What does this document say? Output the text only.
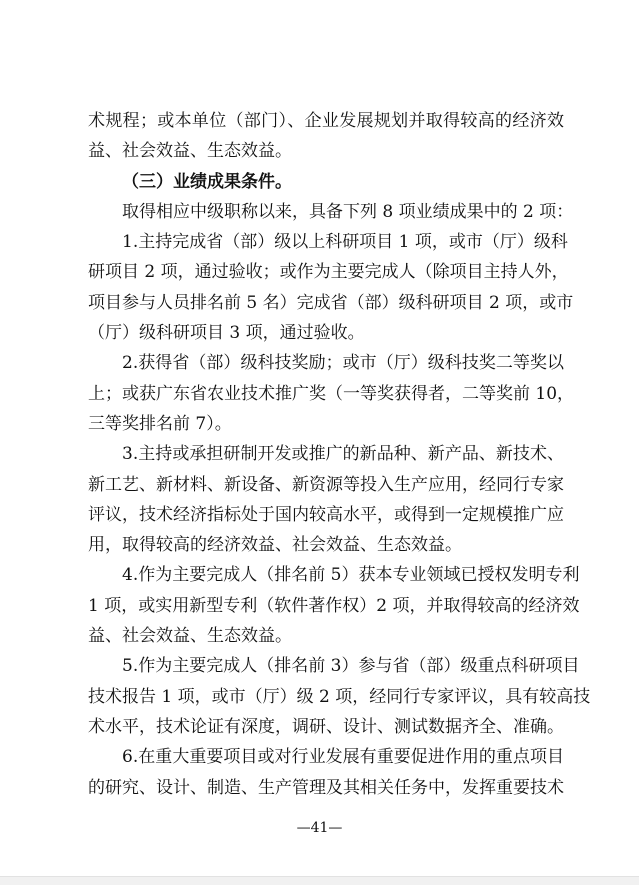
术规程；或本单位（部门）、企业发展规划并取得较高的经济效
益、社会效益、生态效益。
（三）业绩成果条件。
取得相应中级职称以来，具备下列 8 项业绩成果中的 2 项：
1.主持完成省（部）级以上科研项目 1 项，或市（厅）级科
研项目 2 项，通过验收；或作为主要完成人（除项目主持人外，
项目参与人员排名前 5 名）完成省（部）级科研项目 2 项，或市
（厅）级科研项目 3 项，通过验收。
2.获得省（部）级科技奖励；或市（厅）级科技奖二等奖以
上；或获广东省农业技术推广奖（一等奖获得者，二等奖前 10，
三等奖排名前 7）。
3.主持或承担研制开发或推广的新品种、新产品、新技术、
新工艺、新材料、新设备、新资源等投入生产应用，经同行专家
评议，技术经济指标处于国内较高水平，或得到一定规模推广应
用，取得较高的经济效益、社会效益、生态效益。
4.作为主要完成人（排名前 5）获本专业领域已授权发明专利
1 项，或实用新型专利（软件著作权）2 项，并取得较高的经济效
益、社会效益、生态效益。
5.作为主要完成人（排名前 3）参与省（部）级重点科研项目
技术报告 1 项，或市（厅）级 2 项，经同行专家评议，具有较高技
术水平，技术论证有深度，调研、设计、测试数据齐全、准确。
6.在重大重要项目或对行业发展有重要促进作用的重点项目
的研究、设计、制造、生产管理及其相关任务中，发挥重要技术
—41—
